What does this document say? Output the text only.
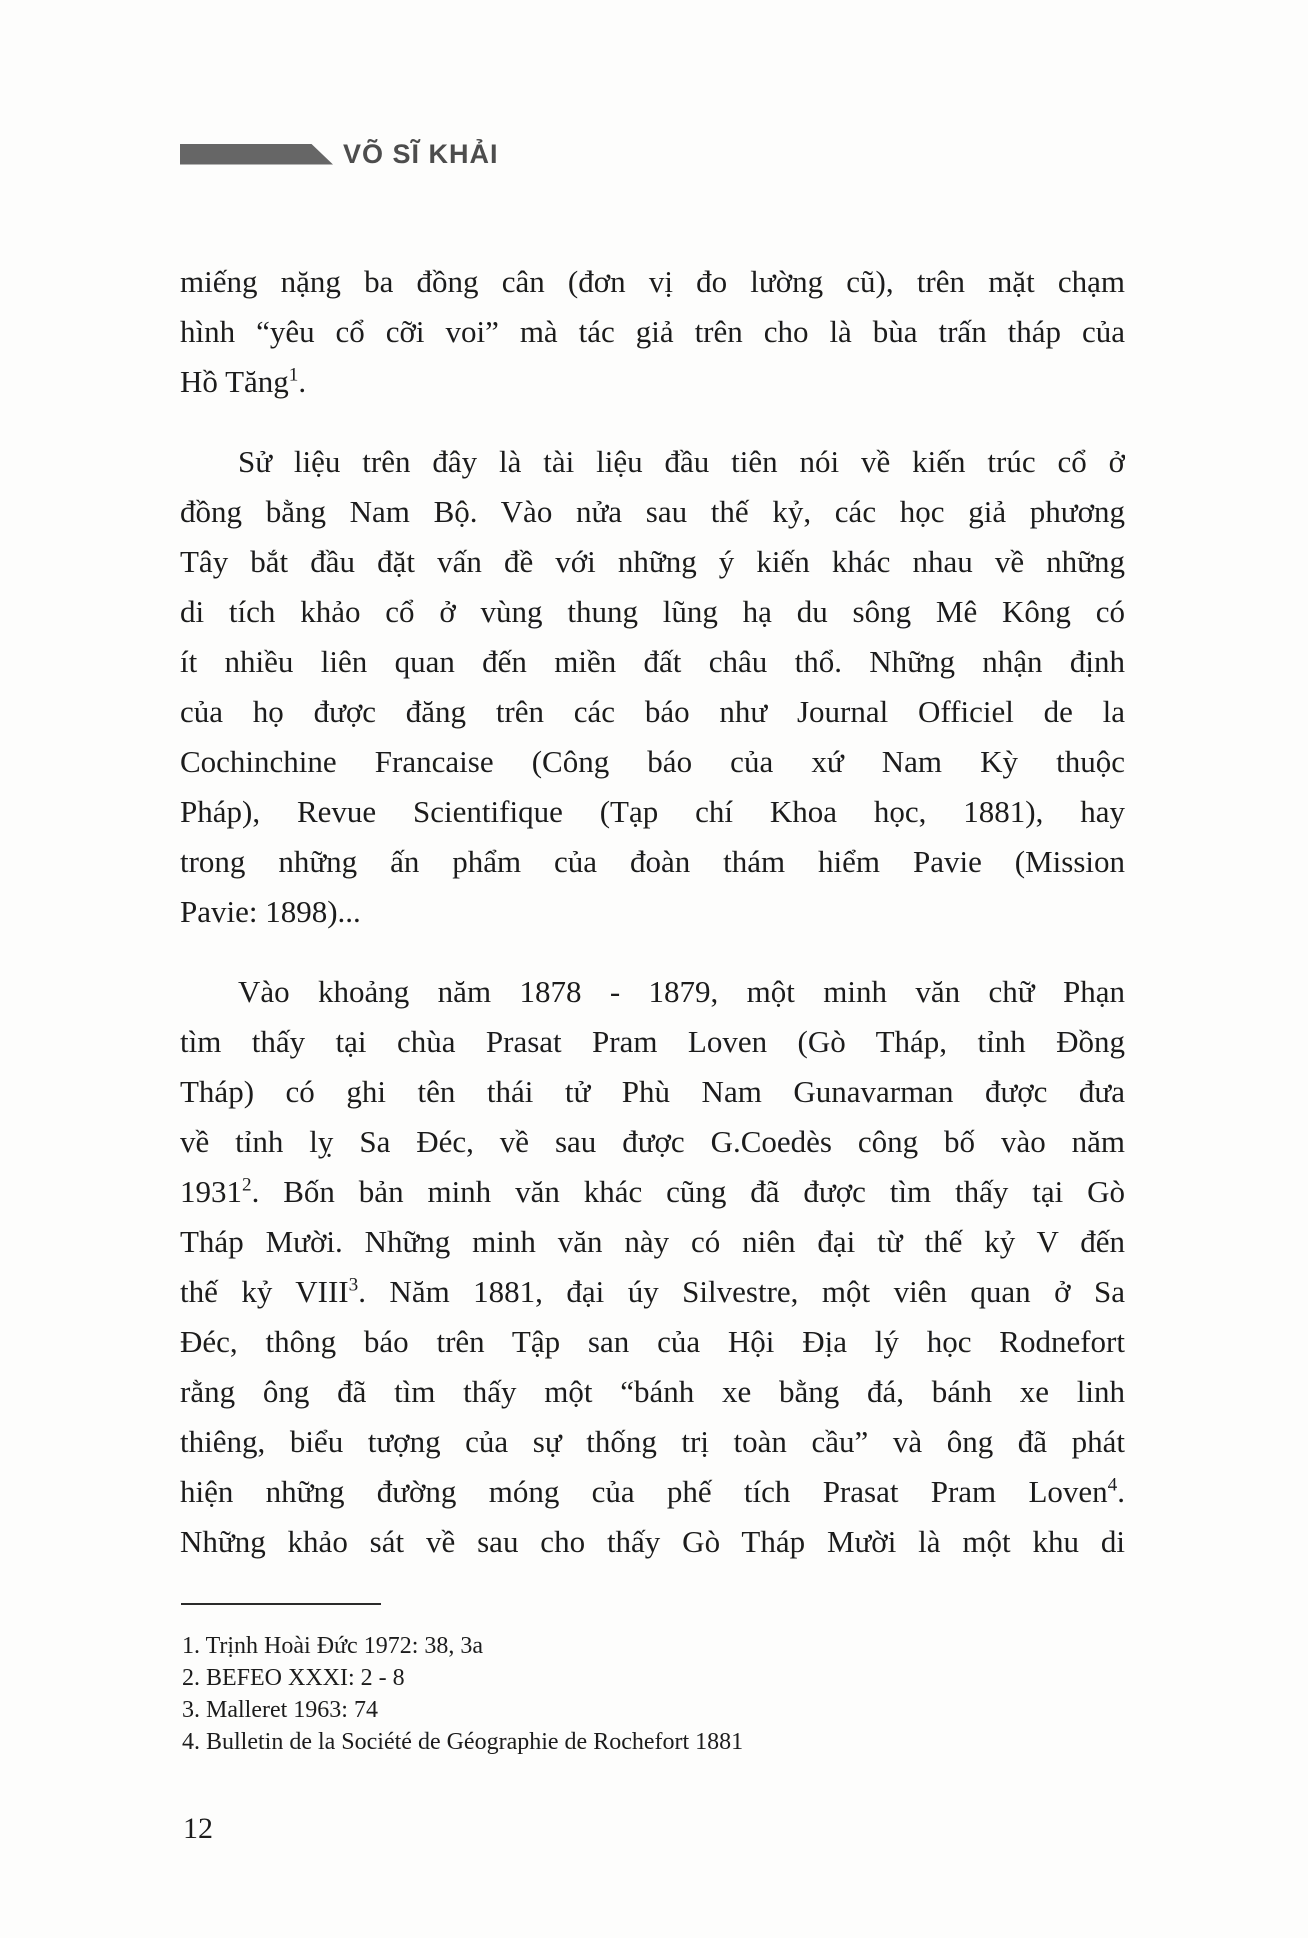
VÕ SĨ KHẢI
miếng nặng ba đồng cân (đơn vị đo lường cũ), trên mặt chạm
hình “yêu cổ cỡi voi” mà tác giả trên cho là bùa trấn tháp của
Hồ Tăng$^1$.
Sử liệu trên đây là tài liệu đầu tiên nói về kiến trúc cổ ở
đồng bằng Nam Bộ. Vào nửa sau thế kỷ, các học giả phương
Tây bắt đầu đặt vấn đề với những ý kiến khác nhau về những
di tích khảo cổ ở vùng thung lũng hạ du sông Mê Kông có
ít nhiều liên quan đến miền đất châu thổ. Những nhận định
của họ được đăng trên các báo như Journal Officiel de la
Cochinchine Francaise (Công báo của xứ Nam Kỳ thuộc
Pháp), Revue Scientifique (Tạp chí Khoa học, 1881), hay
trong những ấn phẩm của đoàn thám hiểm Pavie (Mission
Pavie: 1898)...
Vào khoảng năm 1878 - 1879, một minh văn chữ Phạn
tìm thấy tại chùa Prasat Pram Loven (Gò Tháp, tỉnh Đồng
Tháp) có ghi tên thái tử Phù Nam Gunavarman được đưa
về tỉnh lỵ Sa Đéc, về sau được G.Coedès công bố vào năm
1931$^2$. Bốn bản minh văn khác cũng đã được tìm thấy tại Gò
Tháp Mười. Những minh văn này có niên đại từ thế kỷ V đến
thế kỷ VIII$^3$. Năm 1881, đại úy Silvestre, một viên quan ở Sa
Đéc, thông báo trên Tập san của Hội Địa lý học Rodnefort
rằng ông đã tìm thấy một “bánh xe bằng đá, bánh xe linh
thiêng, biểu tượng của sự thống trị toàn cầu” và ông đã phát
hiện những đường móng của phế tích Prasat Pram Loven$^4$.
Những khảo sát về sau cho thấy Gò Tháp Mười là một khu di
1. Trịnh Hoài Đức 1972: 38, 3a
2. BEFEO XXXI: 2 - 8
3. Malleret 1963: 74
4. Bulletin de la Société de Géographie de Rochefort 1881
12
